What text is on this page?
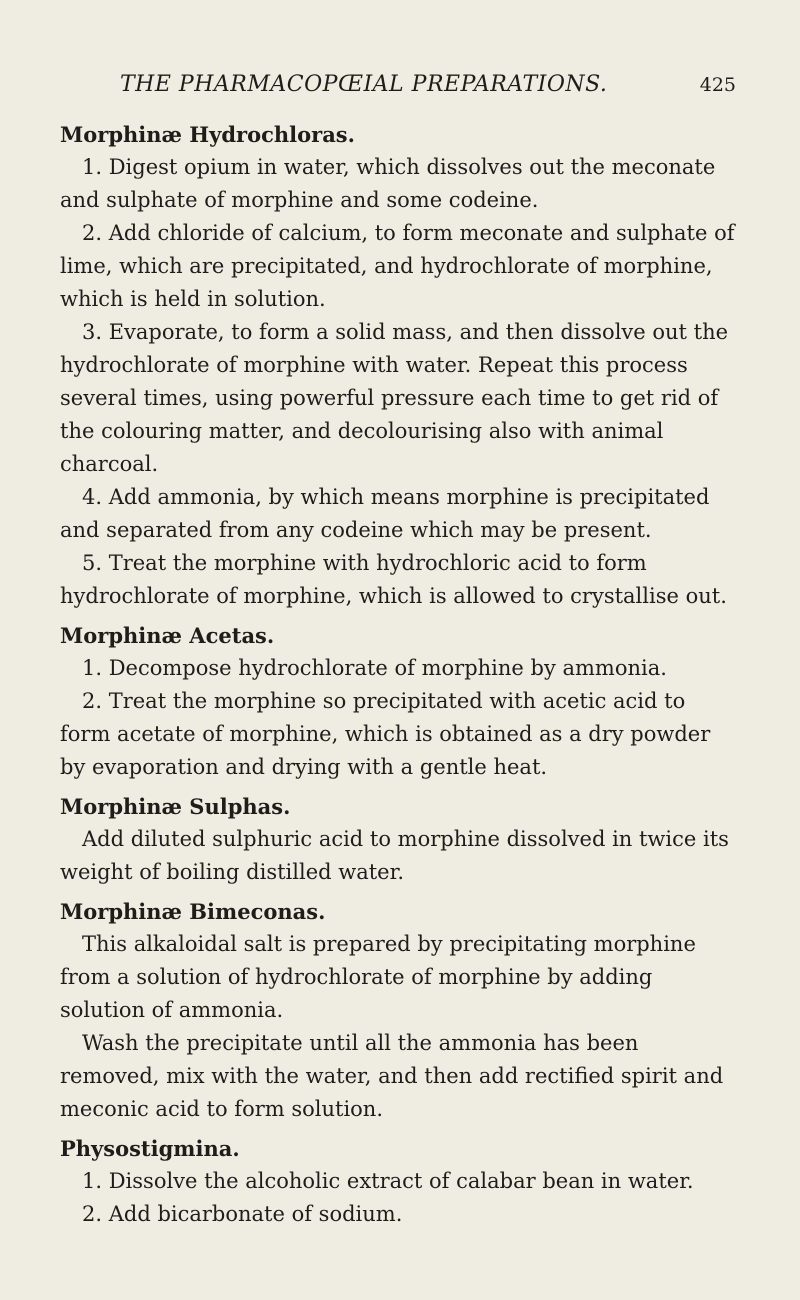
THE PHARMACOPŒIAL PREPARATIONS.	425
Morphinæ Hydrochloras.

1. Digest opium in water, which dissolves out the meconate and sulphate of morphine and some codeine.

2. Add chloride of calcium, to form meconate and sulphate of lime, which are precipitated, and hydrochlorate of morphine, which is held in solution.

3. Evaporate, to form a solid mass, and then dissolve out the hydrochlorate of morphine with water. Repeat this process several times, using powerful pressure each time to get rid of the colouring matter, and decolourising also with animal charcoal.

4. Add ammonia, by which means morphine is precipitated and separated from any codeine which may be present.

5. Treat the morphine with hydrochloric acid to form hydrochlorate of morphine, which is allowed to crystallise out.

Morphinæ Acetas.

1. Decompose hydrochlorate of morphine by ammonia.

2. Treat the morphine so precipitated with acetic acid to form acetate of morphine, which is obtained as a dry powder by evaporation and drying with a gentle heat.

Morphinæ Sulphas.

Add diluted sulphuric acid to morphine dissolved in twice its weight of boiling distilled water.

Morphinæ Bimeconas.

This alkaloidal salt is prepared by precipitating morphine from a solution of hydrochlorate of morphine by adding solution of ammonia.

Wash the precipitate until all the ammonia has been removed, mix with the water, and then add rectified spirit and meconic acid to form solution.

Physostigmina.

1. Dissolve the alcoholic extract of calabar bean in water.

2. Add bicarbonate of sodium.
